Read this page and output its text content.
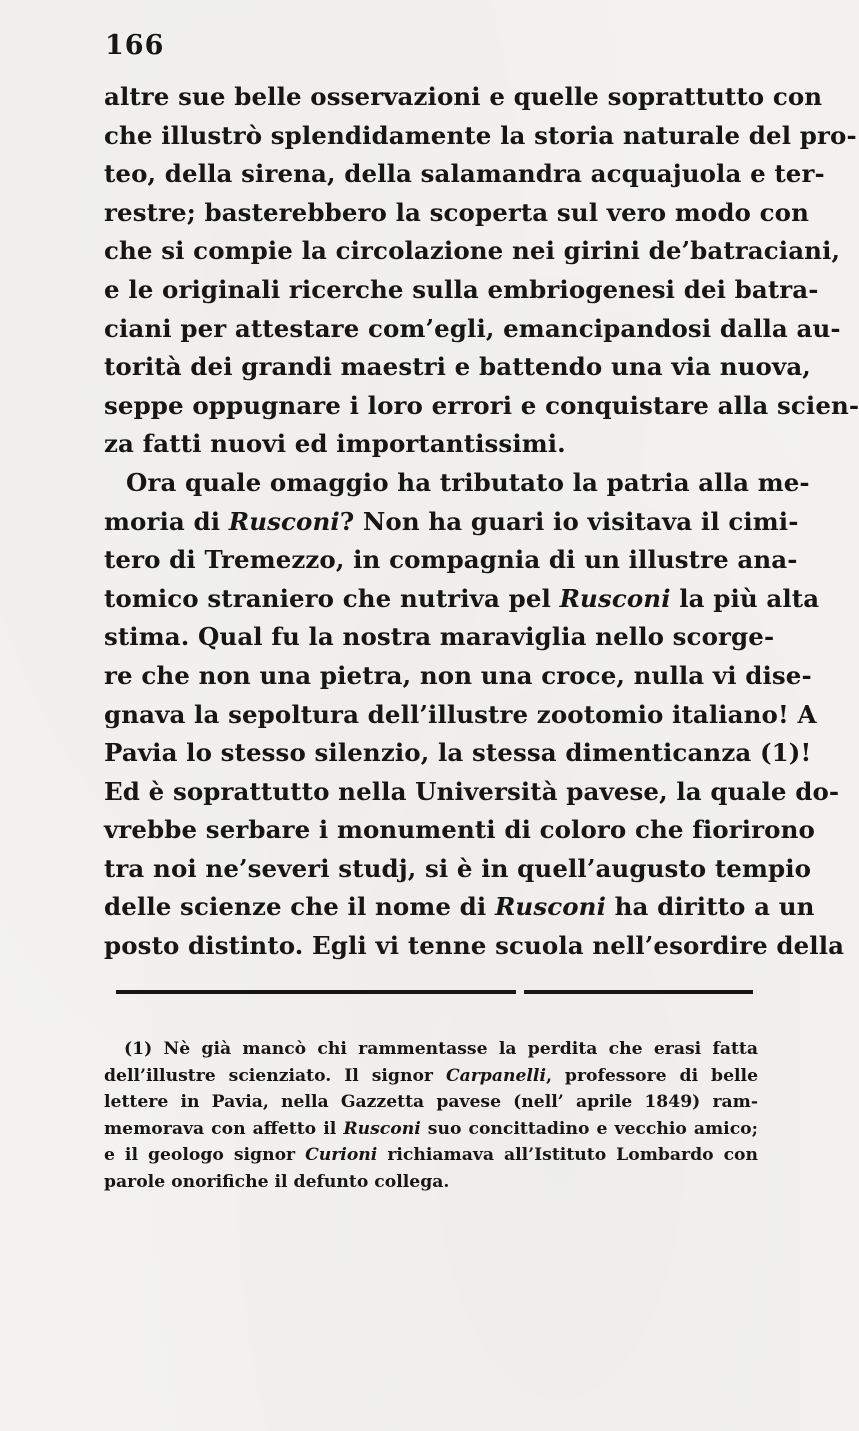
166
altre sue belle osservazioni e quelle soprattutto con
che illustrò splendidamente la storia naturale del pro-
teo, della sirena, della salamandra acquajuola e ter-
restre; basterebbero la scoperta sul vero modo con
che si compie la circolazione nei girini de’batraciani,
e le originali ricerche sulla embriogenesi dei batra-
ciani per attestare com’egli, emancipandosi dalla au-
torità dei grandi maestri e battendo una via nuova,
seppe oppugnare i loro errori e conquistare alla scien-
za fatti nuovi ed importantissimi.
Ora quale omaggio ha tributato la patria alla me-
moria di Rusconi? Non ha guari io visitava il cimi-
tero di Tremezzo, in compagnia di un illustre ana-
tomico straniero che nutriva pel Rusconi la più alta
stima. Qual fu la nostra maraviglia nello scorge-
re che non una pietra, non una croce, nulla vi dise-
gnava la sepoltura dell’illustre zootomio italiano! A
Pavia lo stesso silenzio, la stessa dimenticanza (1)!
Ed è soprattutto nella Università pavese, la quale do-
vrebbe serbare i monumenti di coloro che fiorirono
tra noi ne’severi studj, si è in quell’augusto tempio
delle scienze che il nome di Rusconi ha diritto a un
posto distinto. Egli vi tenne scuola nell’esordire della
(1) Nè già mancò chi rammentasse la perdita che erasi fatta
dell’illustre scienziato. Il signor Carpanelli, professore di belle
lettere in Pavia, nella Gazzetta pavese (nell’ aprile 1849) ram-
memorava con affetto il Rusconi suo concittadino e vecchio amico;
e il geologo signor Curioni richiamava all’Istituto Lombardo con
parole onorifiche il defunto collega.
